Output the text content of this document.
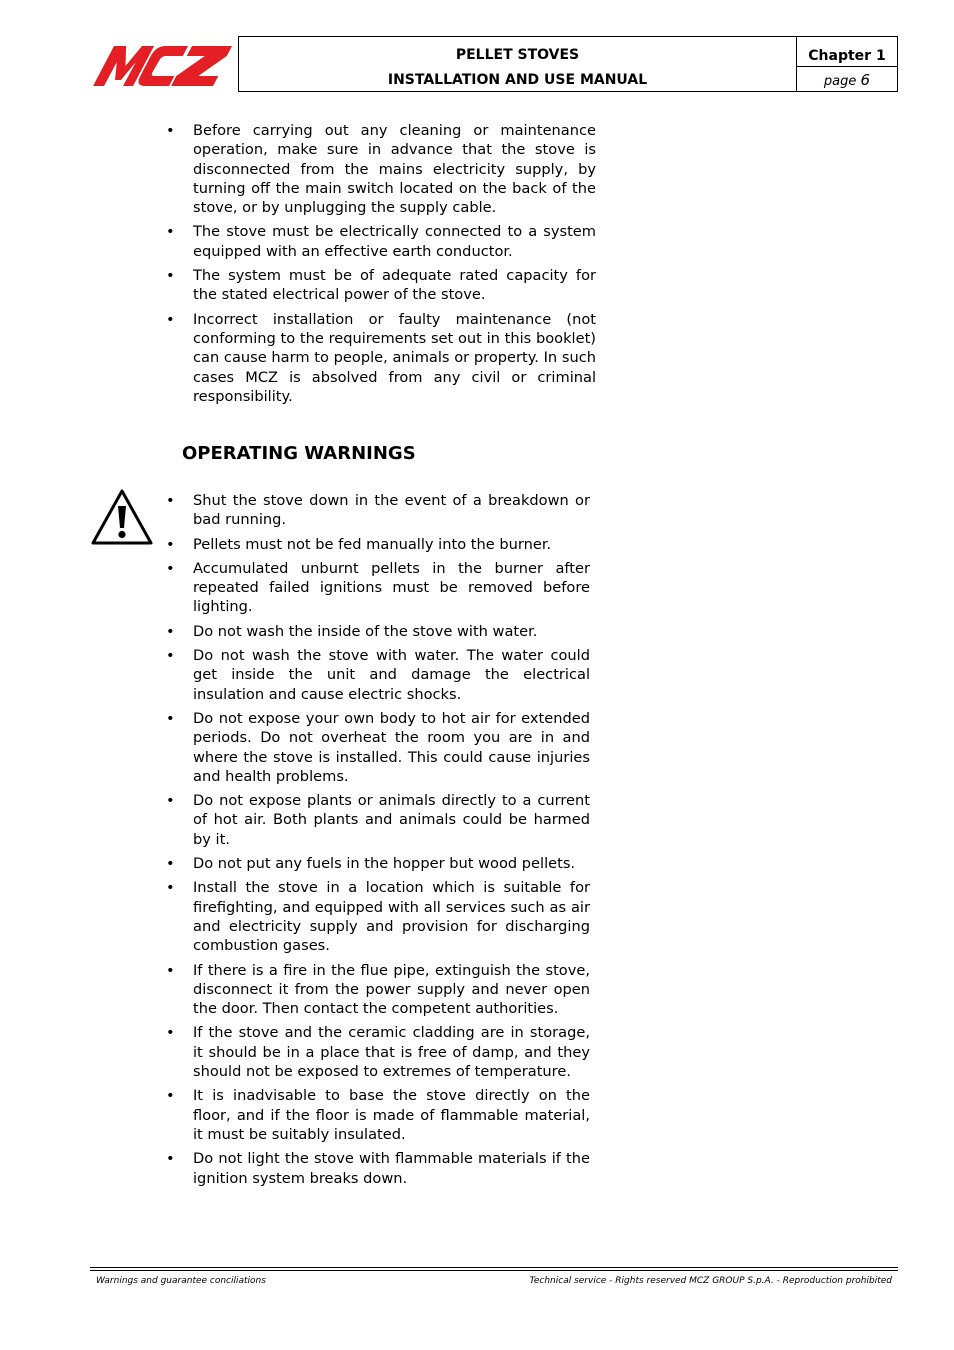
PELLET STOVES
INSTALLATION AND USE MANUAL
Chapter 1
page 6
• Before carrying out any cleaning or maintenance operation, make sure in advance that the stove is disconnected from the mains electricity supply, by turning off the main switch located on the back of the stove, or by unplugging the supply cable.
• The stove must be electrically connected to a system equipped with an effective earth conductor.
• The system must be of adequate rated capacity for the stated electrical power of the stove.
• Incorrect installation or faulty maintenance (not conforming to the requirements set out in this booklet) can cause harm to people, animals or property. In such cases MCZ is absolved from any civil or criminal responsibility.
OPERATING WARNINGS
• Shut the stove down in the event of a breakdown or bad running.
• Pellets must not be fed manually into the burner.
• Accumulated unburnt pellets in the burner after repeated failed ignitions must be removed before lighting.
• Do not wash the inside of the stove with water.
• Do not wash the stove with water. The water could get inside the unit and damage the electrical insulation and cause electric shocks.
• Do not expose your own body to hot air for extended periods. Do not overheat the room you are in and where the stove is installed. This could cause injuries and health problems.
• Do not expose plants or animals directly to a current of hot air. Both plants and animals could be harmed by it.
• Do not put any fuels in the hopper but wood pellets.
• Install the stove in a location which is suitable for firefighting, and equipped with all services such as air and electricity supply and provision for discharging combustion gases.
• If there is a fire in the flue pipe, extinguish the stove, disconnect it from the power supply and never open the door. Then contact the competent authorities.
• If the stove and the ceramic cladding are in storage, it should be in a place that is free of damp, and they should not be exposed to extremes of temperature.
• It is inadvisable to base the stove directly on the floor, and if the floor is made of flammable material, it must be suitably insulated.
• Do not light the stove with flammable materials if the ignition system breaks down.
Warnings and guarantee conciliations	Technical service - Rights reserved MCZ GROUP S.p.A. - Reproduction prohibited
